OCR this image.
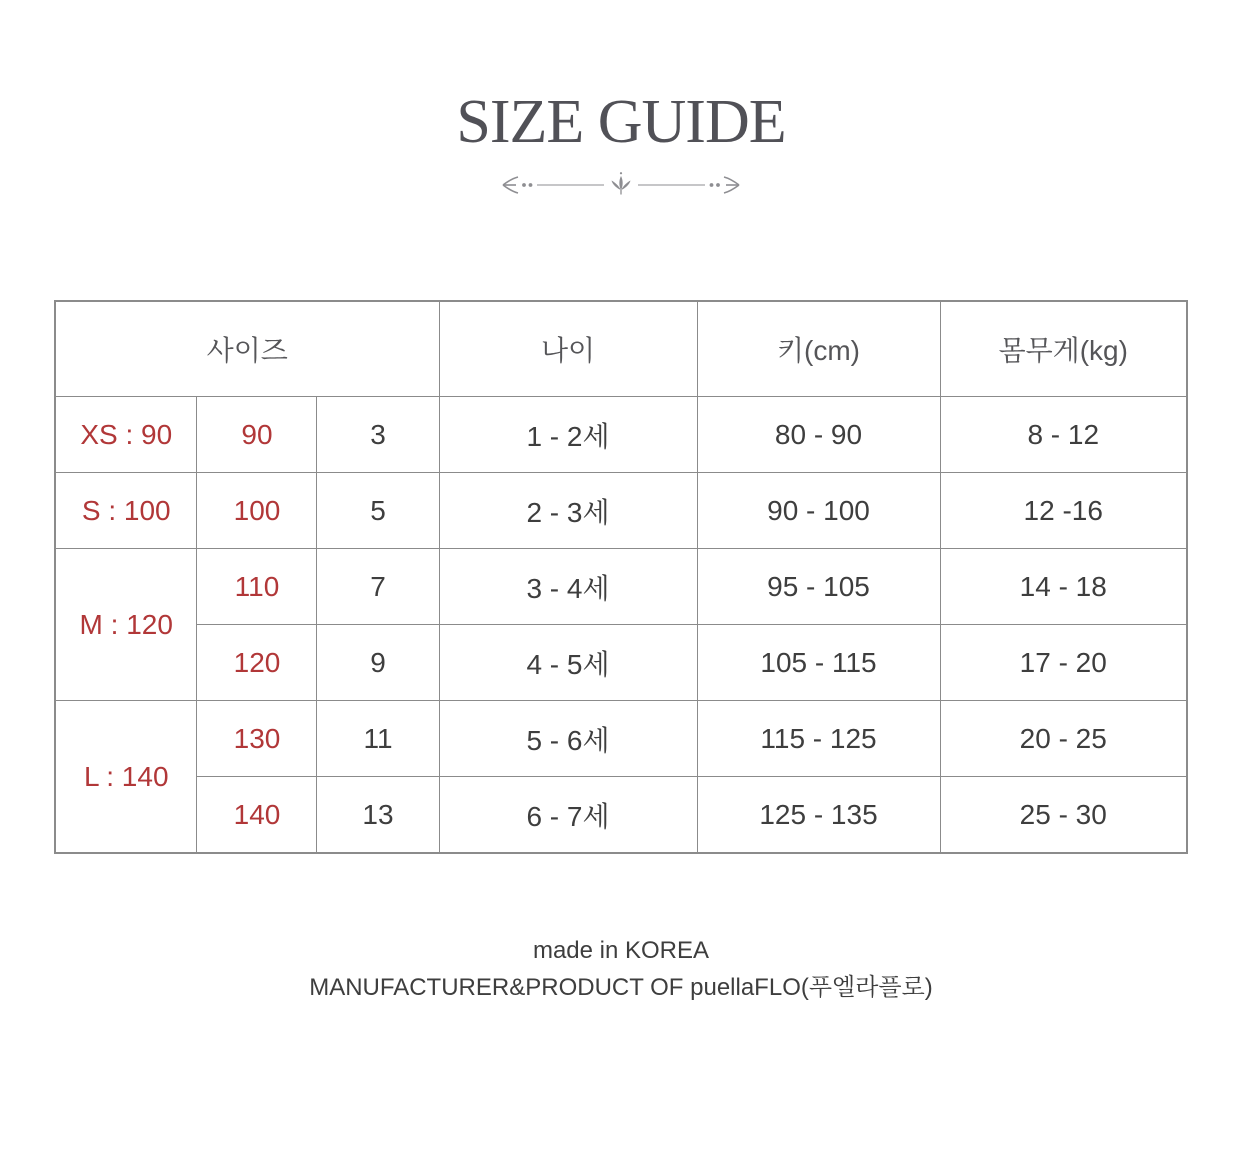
SIZE GUIDE
사이즈			나이	키(cm)	몸무게(kg)
XS : 90	90	3	1 - 2세	80 - 90	8 - 12
S : 100	100	5	2 - 3세	90 - 100	12 -16
M : 120	110	7	3 - 4세	95 - 105	14 - 18
	120	9	4 - 5세	105 - 115	17 - 20
L : 140	130	11	5 - 6세	115 - 125	20 - 25
	140	13	6 - 7세	125 - 135	25 - 30
made in KOREA
MANUFACTURER&PRODUCT OF puellaFLO(푸엘라플로)
